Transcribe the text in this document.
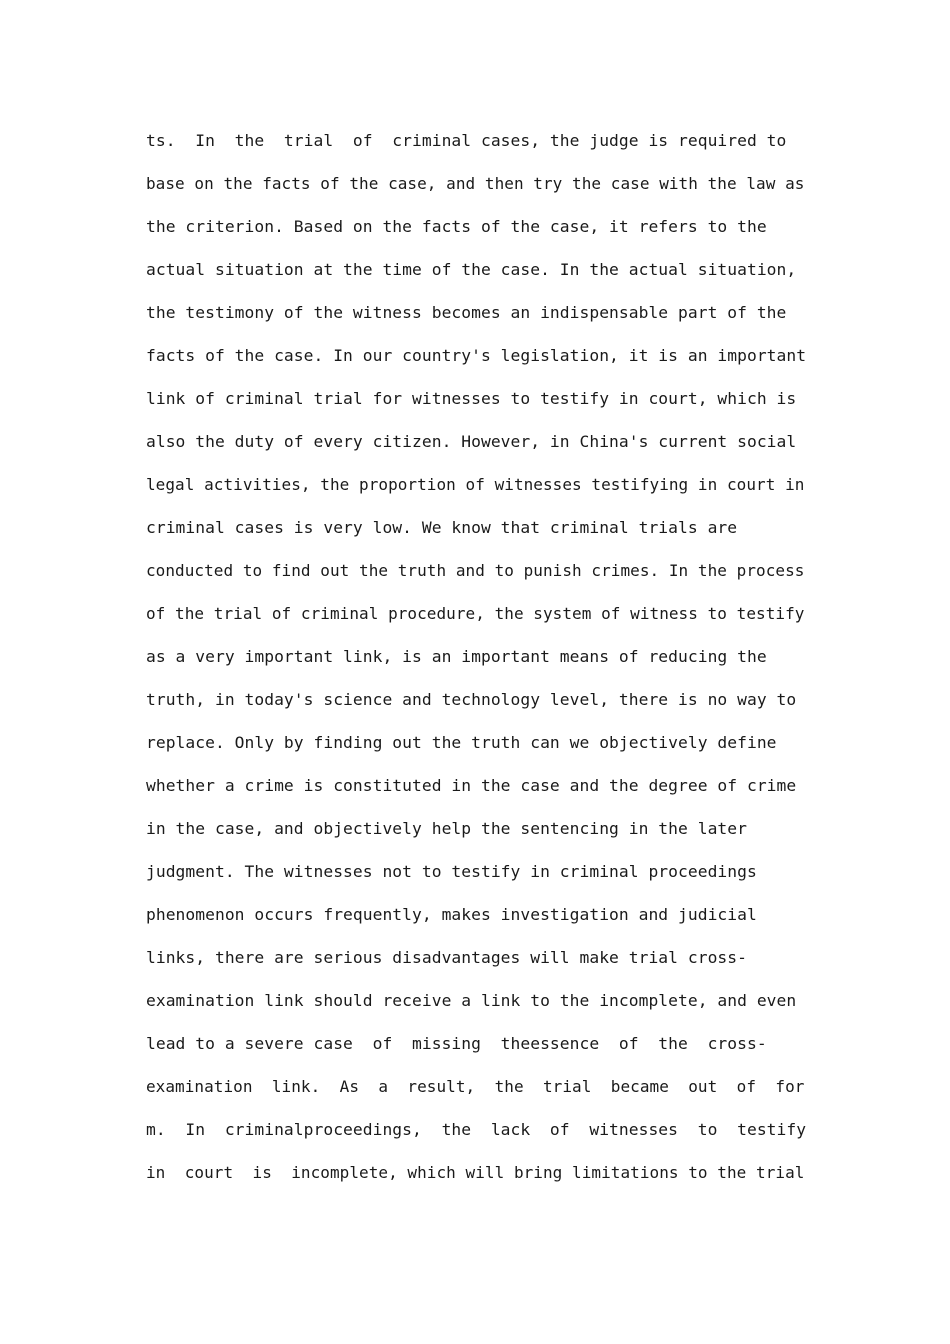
ts.  In  the  trial  of  criminal cases, the judge is required to
base on the facts of the case, and then try the case with the law as
the criterion. Based on the facts of the case, it refers to the
actual situation at the time of the case. In the actual situation,
the testimony of the witness becomes an indispensable part of the
facts of the case. In our country's legislation, it is an important
link of criminal trial for witnesses to testify in court, which is
also the duty of every citizen. However, in China's current social
legal activities, the proportion of witnesses testifying in court in
criminal cases is very low. We know that criminal trials are
conducted to find out the truth and to punish crimes. In the process
of the trial of criminal procedure, the system of witness to testify
as a very important link, is an important means of reducing the
truth, in today's science and technology level, there is no way to
replace. Only by finding out the truth can we objectively define
whether a crime is constituted in the case and the degree of crime
in the case, and objectively help the sentencing in the later
judgment. The witnesses not to testify in criminal proceedings
phenomenon occurs frequently, makes investigation and judicial
links, there are serious disadvantages will make trial cross-
examination link should receive a link to the incomplete, and even
lead to a severe case  of  missing  theessence  of  the  cross-
examination  link.  As  a  result,  the  trial  became  out  of  for
m.  In  criminalproceedings,  the  lack  of  witnesses  to  testify
in  court  is  incomplete, which will bring limitations to the trial
